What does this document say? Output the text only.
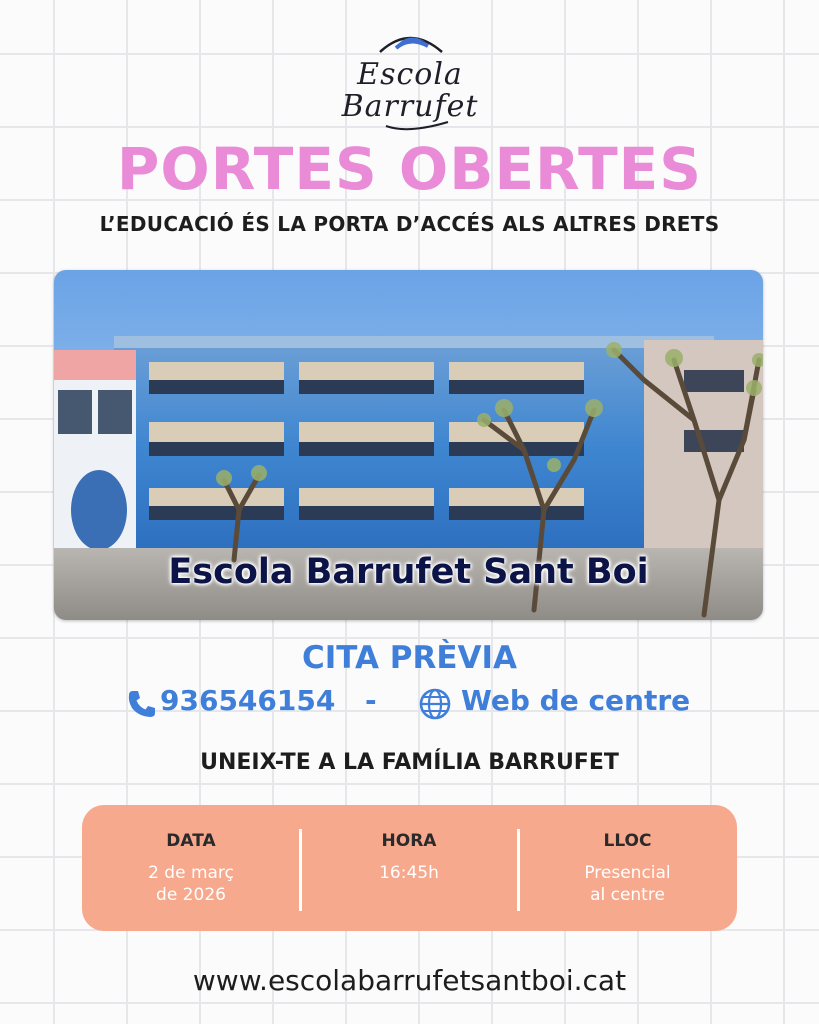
Escola
Barrufet
PORTES OBERTES
L’EDUCACIÓ ÉS LA PORTA D’ACCÉS ALS ALTRES DRETS
Escola Barrufet Sant Boi
CITA PRÈVIA
936546154 -	Web de centre
UNEIX-TE A LA FAMÍLIA BARRUFET
DATA
2 de març
de 2026
HORA
16:45h
LLOC
Presencial
al centre
www.escolabarrufetsantboi.cat
